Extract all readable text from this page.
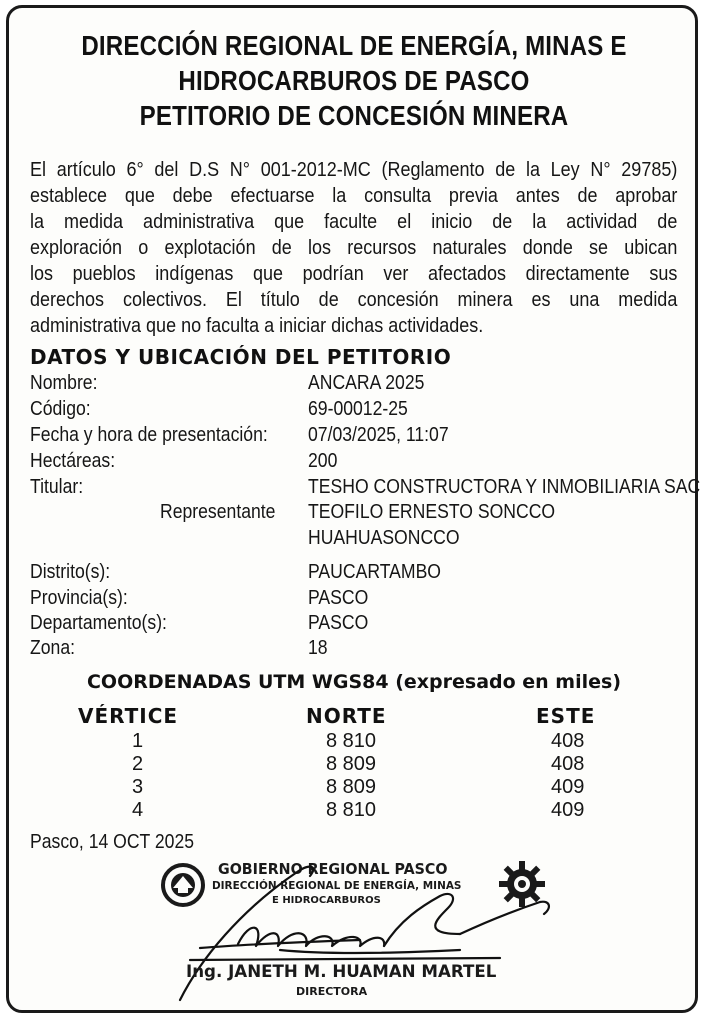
DIRECCIÓN REGIONAL DE ENERGÍA, MINAS E
HIDROCARBUROS DE PASCO
PETITORIO DE CONCESIÓN MINERA
El artículo 6° del D.S N° 001-2012-MC (Reglamento de la Ley N° 29785)
establece que debe efectuarse la consulta previa antes de aprobar
la medida administrativa que faculte el inicio de la actividad de
exploración o explotación de los recursos naturales donde se ubican
los pueblos indígenas que podrían ver afectados directamente sus
derechos colectivos. El título de concesión minera es una medida
administrativa que no faculta a iniciar dichas actividades.
DATOS Y UBICACIÓN DEL PETITORIO
Nombre:	ANCARA 2025
Código:	69-00012-25
Fecha y hora de presentación: 07/03/2025, 11:07
Hectáreas:	200
Titular:	TESHO CONSTRUCTORA Y INMOBILIARIA SAC
Representante TEOFILO ERNESTO SONCCO
HUAHUASONCCO
Distrito(s):	PAUCARTAMBO
Provincia(s):	PASCO
Departamento(s):	PASCO
Zona:	18
COORDENADAS UTM WGS84 (expresado en miles)
VÉRTICE	NORTE	ESTE
1	8 810	408
2	8 809	408
3	8 809	409
4	8 810	409
Pasco, 14 OCT 2025
GOBIERNO REGIONAL PASCO
DIRECCIÓN REGIONAL DE ENERGÍA, MINAS
E HIDROCARBUROS
Ing. JANETH M. HUAMAN MARTEL
DIRECTORA
